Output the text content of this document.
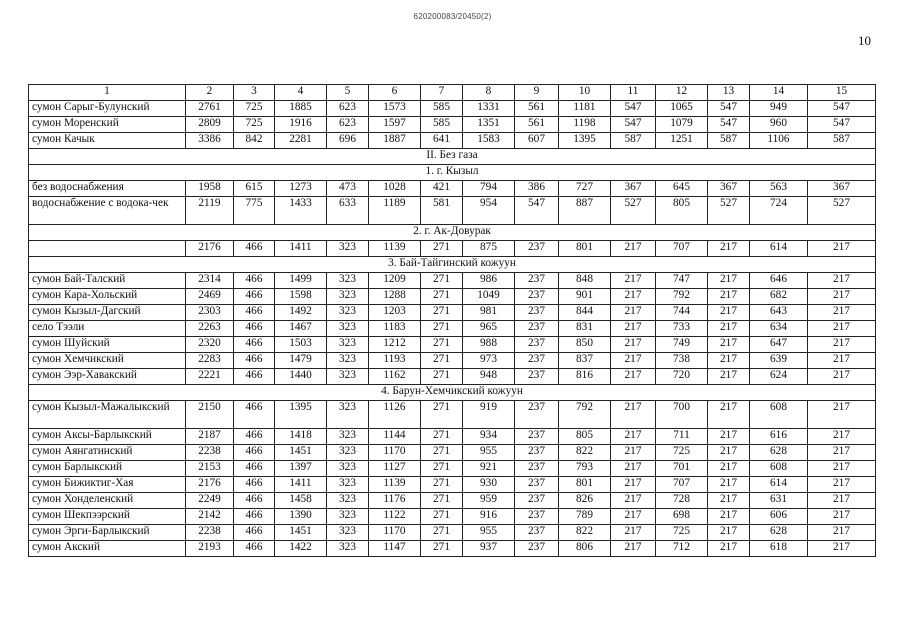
620200083/20450(2)
10
1	2	3	4	5	6	7	8	9	10	11	12	13	14	15
сумон Сарыг-Булунский	2761	725	1885	623	1573	585	1331	561	1181	547	1065	547	949	547
сумон Моренский	2809	725	1916	623	1597	585	1351	561	1198	547	1079	547	960	547
сумон Качык	3386	842	2281	696	1887	641	1583	607	1395	587	1251	587	1106	587
II. Без газа														
1. г. Кызыл														
без водоснабжения	1958	615	1273	473	1028	421	794	386	727	367	645	367	563	367
водоснабжение с водока-чек	2119	775	1433	633	1189	581	954	547	887	527	805	527	724	527
2. г. Ак-Довурак														
	2176	466	1411	323	1139	271	875	237	801	217	707	217	614	217
3. Бай-Тайгинский кожуун														
сумон Бай-Талский	2314	466	1499	323	1209	271	986	237	848	217	747	217	646	217
сумон Кара-Хольский	2469	466	1598	323	1288	271	1049	237	901	217	792	217	682	217
сумон Кызыл-Дагский	2303	466	1492	323	1203	271	981	237	844	217	744	217	643	217
село Тээли	2263	466	1467	323	1183	271	965	237	831	217	733	217	634	217
сумон Шуйский	2320	466	1503	323	1212	271	988	237	850	217	749	217	647	217
сумон Хемчикский	2283	466	1479	323	1193	271	973	237	837	217	738	217	639	217
сумон Ээр-Хавакский	2221	466	1440	323	1162	271	948	237	816	217	720	217	624	217
4. Барун-Хемчикский кожуун														
сумон Кызыл-Мажалыкский	2150	466	1395	323	1126	271	919	237	792	217	700	217	608	217
сумон Аксы-Барлыкский	2187	466	1418	323	1144	271	934	237	805	217	711	217	616	217
сумон Аянгатинский	2238	466	1451	323	1170	271	955	237	822	217	725	217	628	217
сумон Барлыкский	2153	466	1397	323	1127	271	921	237	793	217	701	217	608	217
сумон Бижиктиг-Хая	2176	466	1411	323	1139	271	930	237	801	217	707	217	614	217
сумон Хонделенский	2249	466	1458	323	1176	271	959	237	826	217	728	217	631	217
сумон Шекпээрский	2142	466	1390	323	1122	271	916	237	789	217	698	217	606	217
сумон Эрги-Барлыкский	2238	466	1451	323	1170	271	955	237	822	217	725	217	628	217
сумон Акский	2193	466	1422	323	1147	271	937	237	806	217	712	217	618	217
